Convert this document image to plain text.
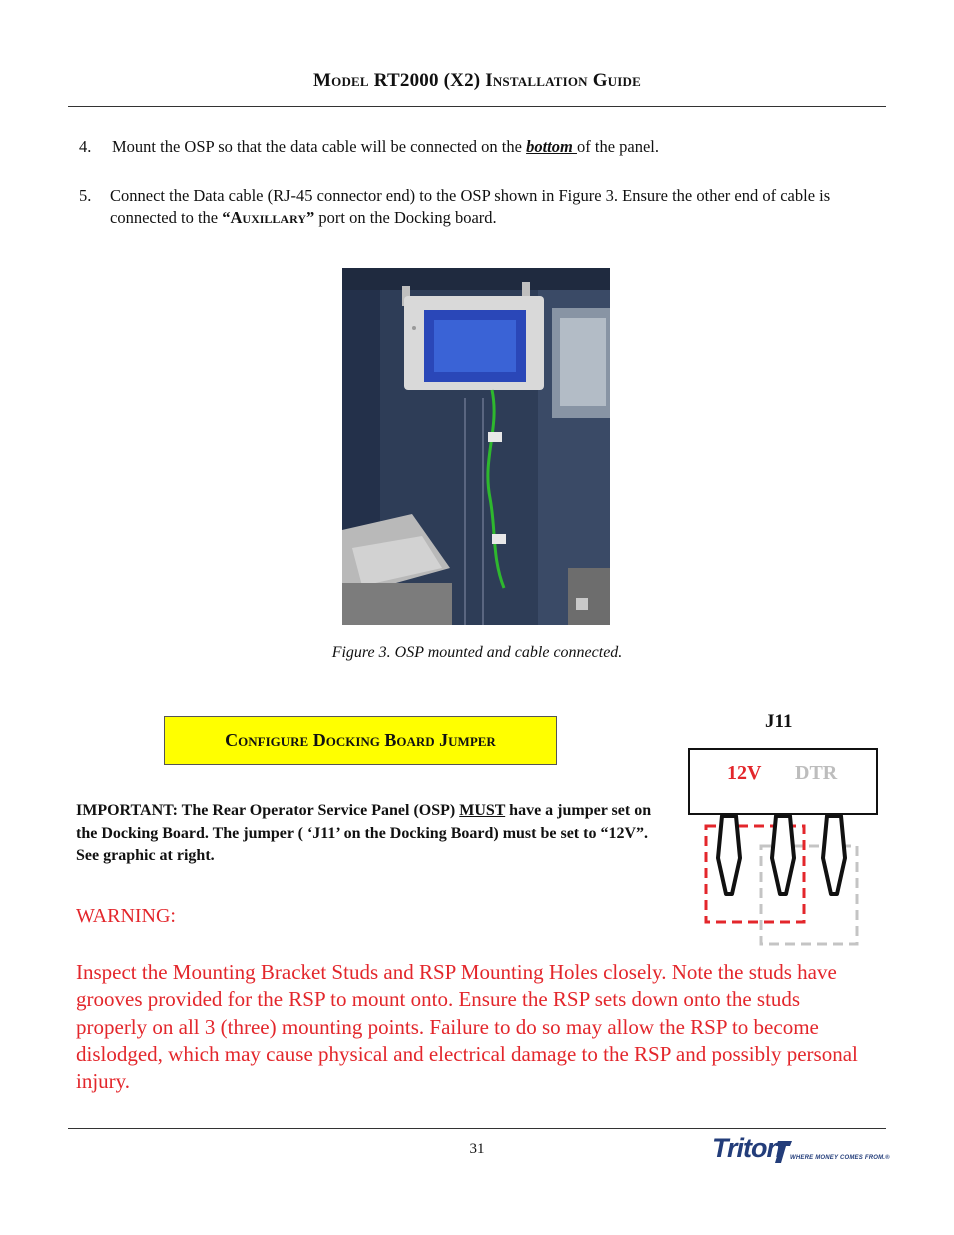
Model RT2000 (X2) Installation Guide
4. Mount the OSP so that the data cable will be connected on the bottom of the panel.
5. Connect the Data cable (RJ-45 connector end) to the OSP shown in Figure 3. Ensure the other end of cable is connected to the “Auxillary” port on the Docking board.
Figure 3. OSP mounted and cable connected.
Configure Docking Board Jumper
IMPORTANT: The Rear Operator Service Panel (OSP) MUST have a jumper set on the Docking Board. The jumper ( ‘J11’ on the Docking Board) must be set to “12V”. See graphic at right.
J11
12V DTR
WARNING:
Inspect the Mounting Bracket Studs and RSP Mounting Holes closely. Note the studs have grooves provided for the RSP to mount onto. Ensure the RSP sets down onto the studs properly on all 3 (three) mounting points. Failure to do so may allow the RSP to become dislodged, which may cause physical and electrical damage to the RSP and possibly personal injury.
31	Triton WHERE MONEY COMES FROM.®
